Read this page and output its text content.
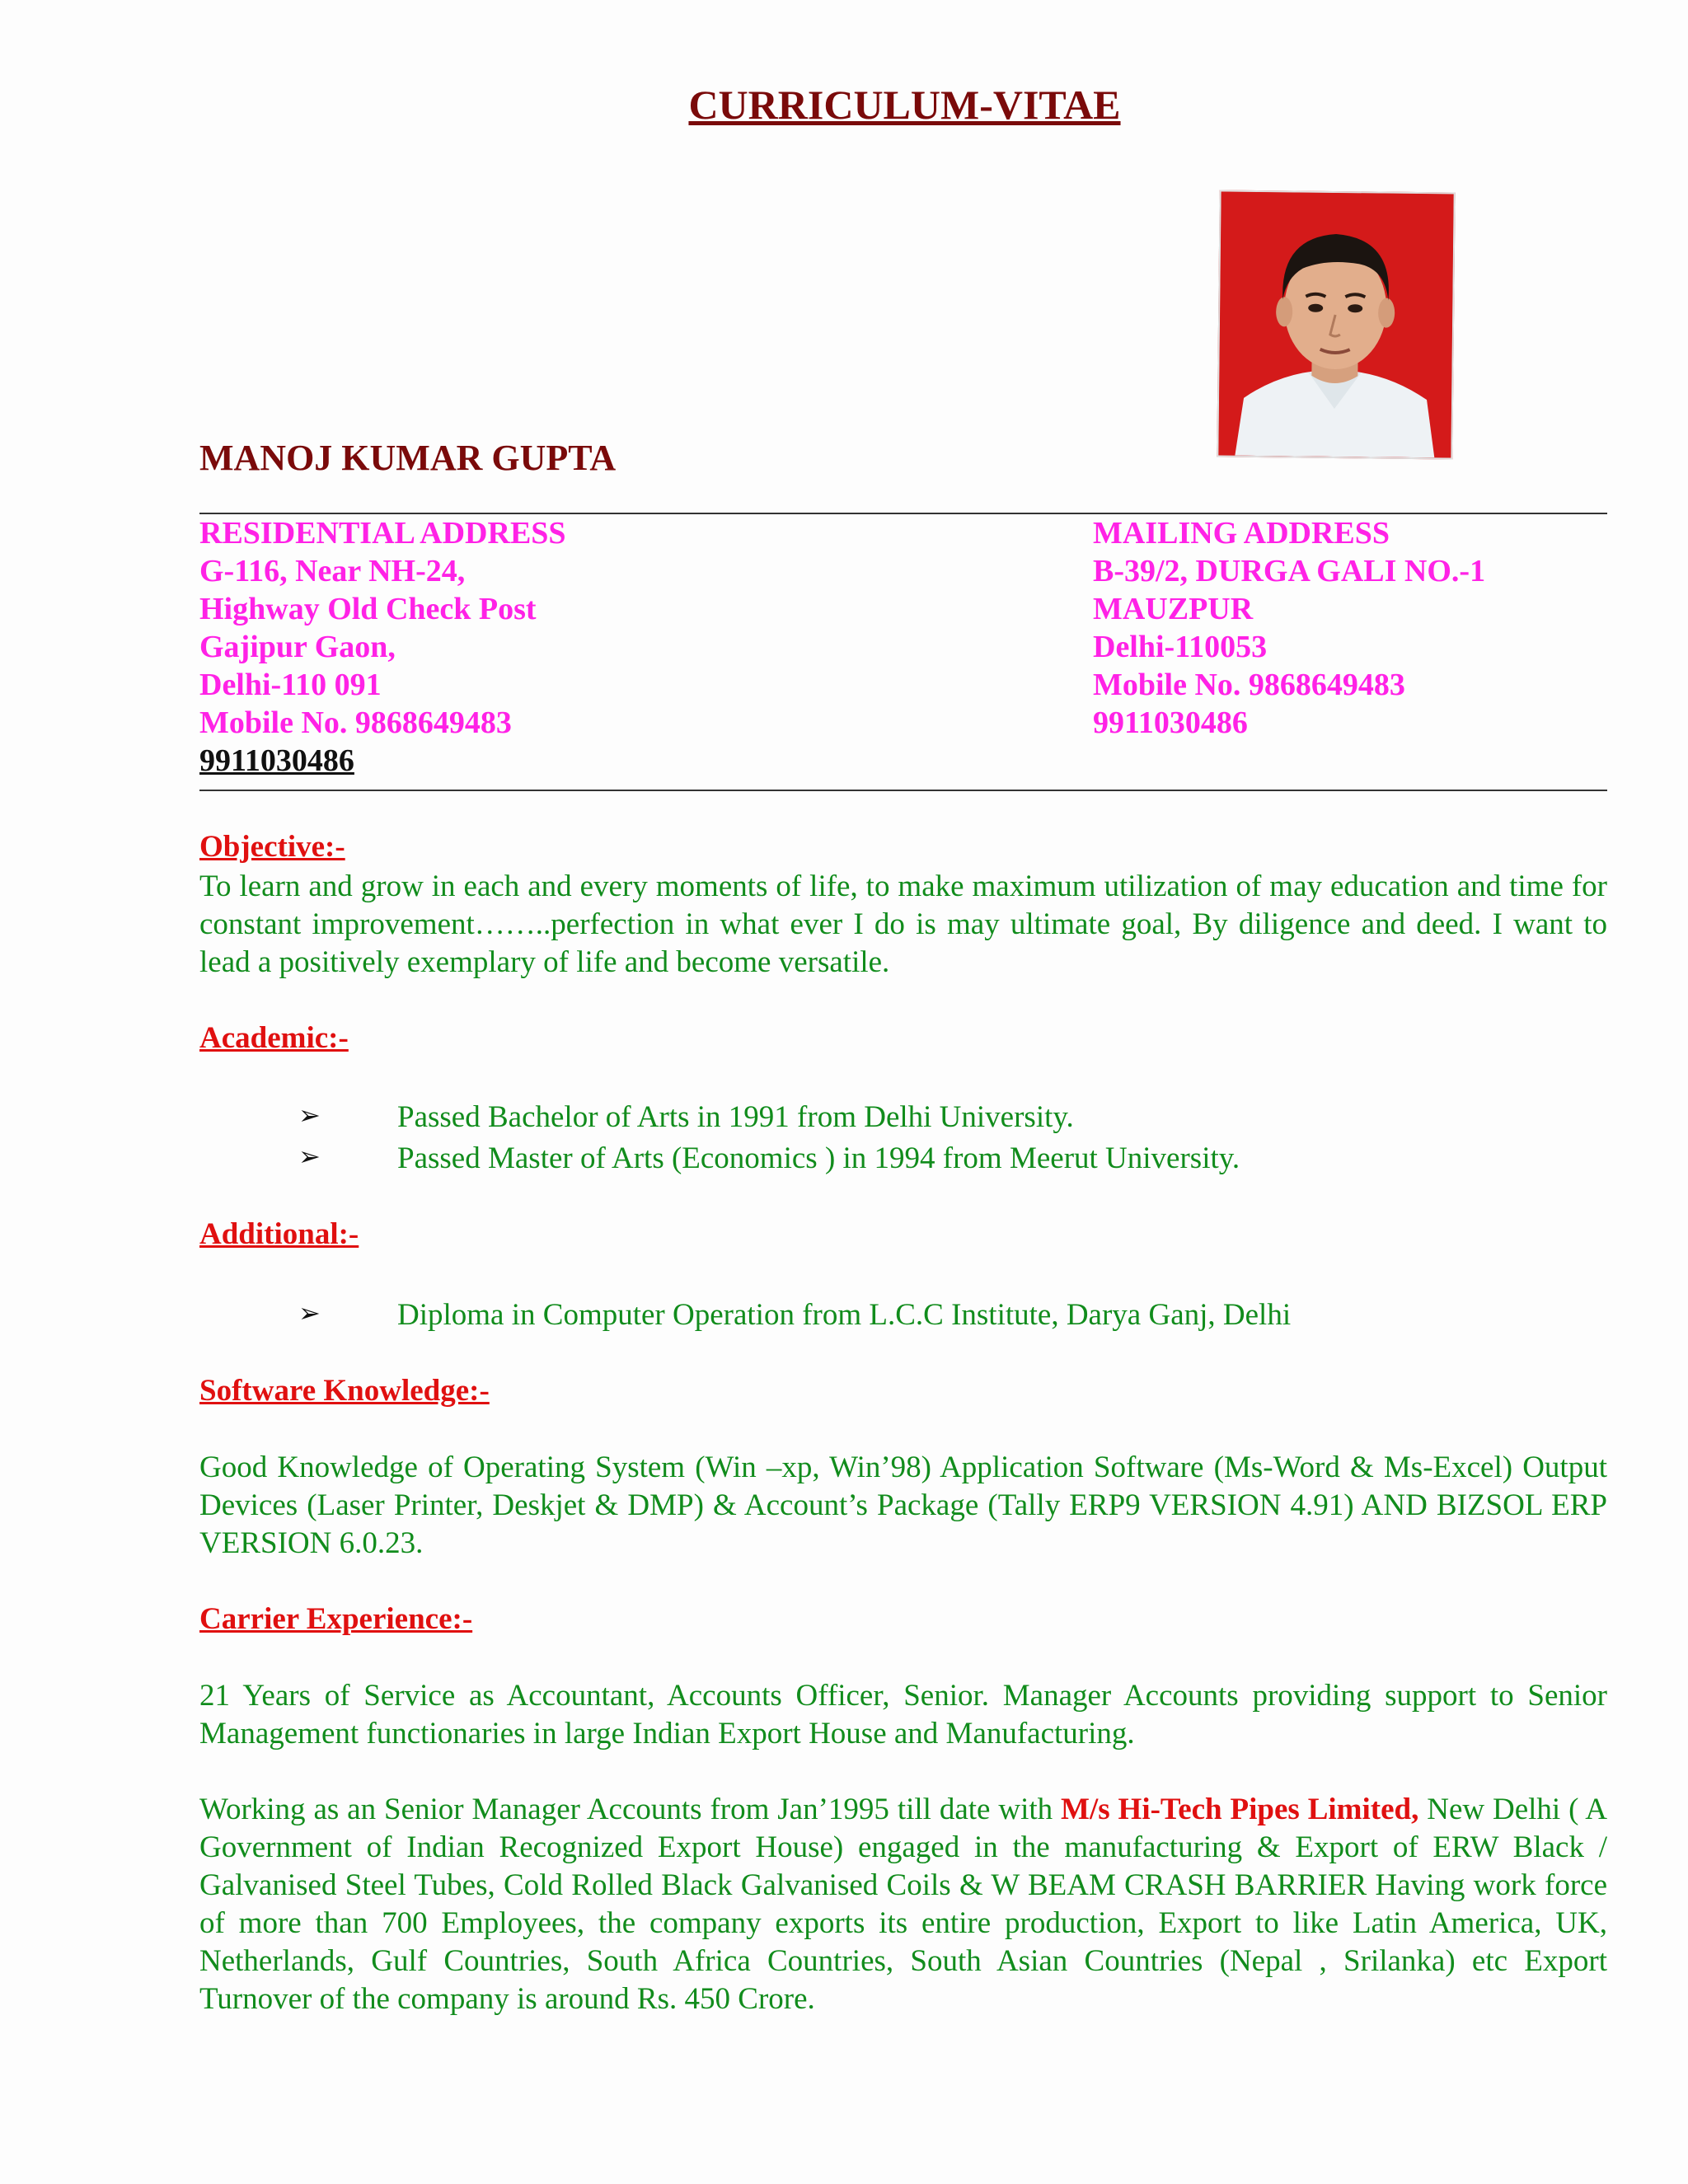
CURRICULUM-VITAE
MANOJ KUMAR GUPTA
RESIDENTIAL ADDRESS
G-116, Near NH-24,
Highway Old Check Post
Gajipur Gaon,
Delhi-110 091
Mobile No. 9868649483
9911030486
MAILING ADDRESS
B-39/2, DURGA GALI NO.-1
MAUZPUR
Delhi-110053
Mobile No. 9868649483
9911030486
Objective:-
To learn and grow in each and every moments of life, to make maximum utilization of may education and time for constant improvement……..perfection in what ever I do is may ultimate goal, By diligence and deed. I want to lead a positively exemplary of life and become versatile.
Academic:-
➢	Passed Bachelor of Arts in 1991 from Delhi University.
➢	Passed Master of Arts (Economics ) in 1994 from Meerut University.
Additional:-
➢	Diploma in Computer Operation from L.C.C Institute, Darya Ganj, Delhi
Software Knowledge:-
Good Knowledge of Operating System (Win –xp, Win’98) Application Software (Ms-Word & Ms-Excel) Output Devices (Laser Printer, Deskjet & DMP) & Account’s Package (Tally ERP9 VERSION 4.91) AND BIZSOL ERP VERSION 6.0.23.
Carrier Experience:-
21 Years of Service as Accountant, Accounts Officer, Senior. Manager Accounts providing support to Senior Management functionaries in large Indian Export House and Manufacturing.
Working as an Senior Manager Accounts from Jan’1995 till date with M/s Hi-Tech Pipes Limited, New Delhi ( A Government of Indian Recognized Export House) engaged in the manufacturing & Export of ERW Black / Galvanised Steel Tubes, Cold Rolled Black Galvanised Coils & W BEAM CRASH BARRIER Having work force of more than 700 Employees, the company exports its entire production, Export to like Latin America, UK, Netherlands, Gulf Countries, South Africa Countries, South Asian Countries (Nepal , Srilanka) etc Export Turnover of the company is around Rs. 450 Crore.
